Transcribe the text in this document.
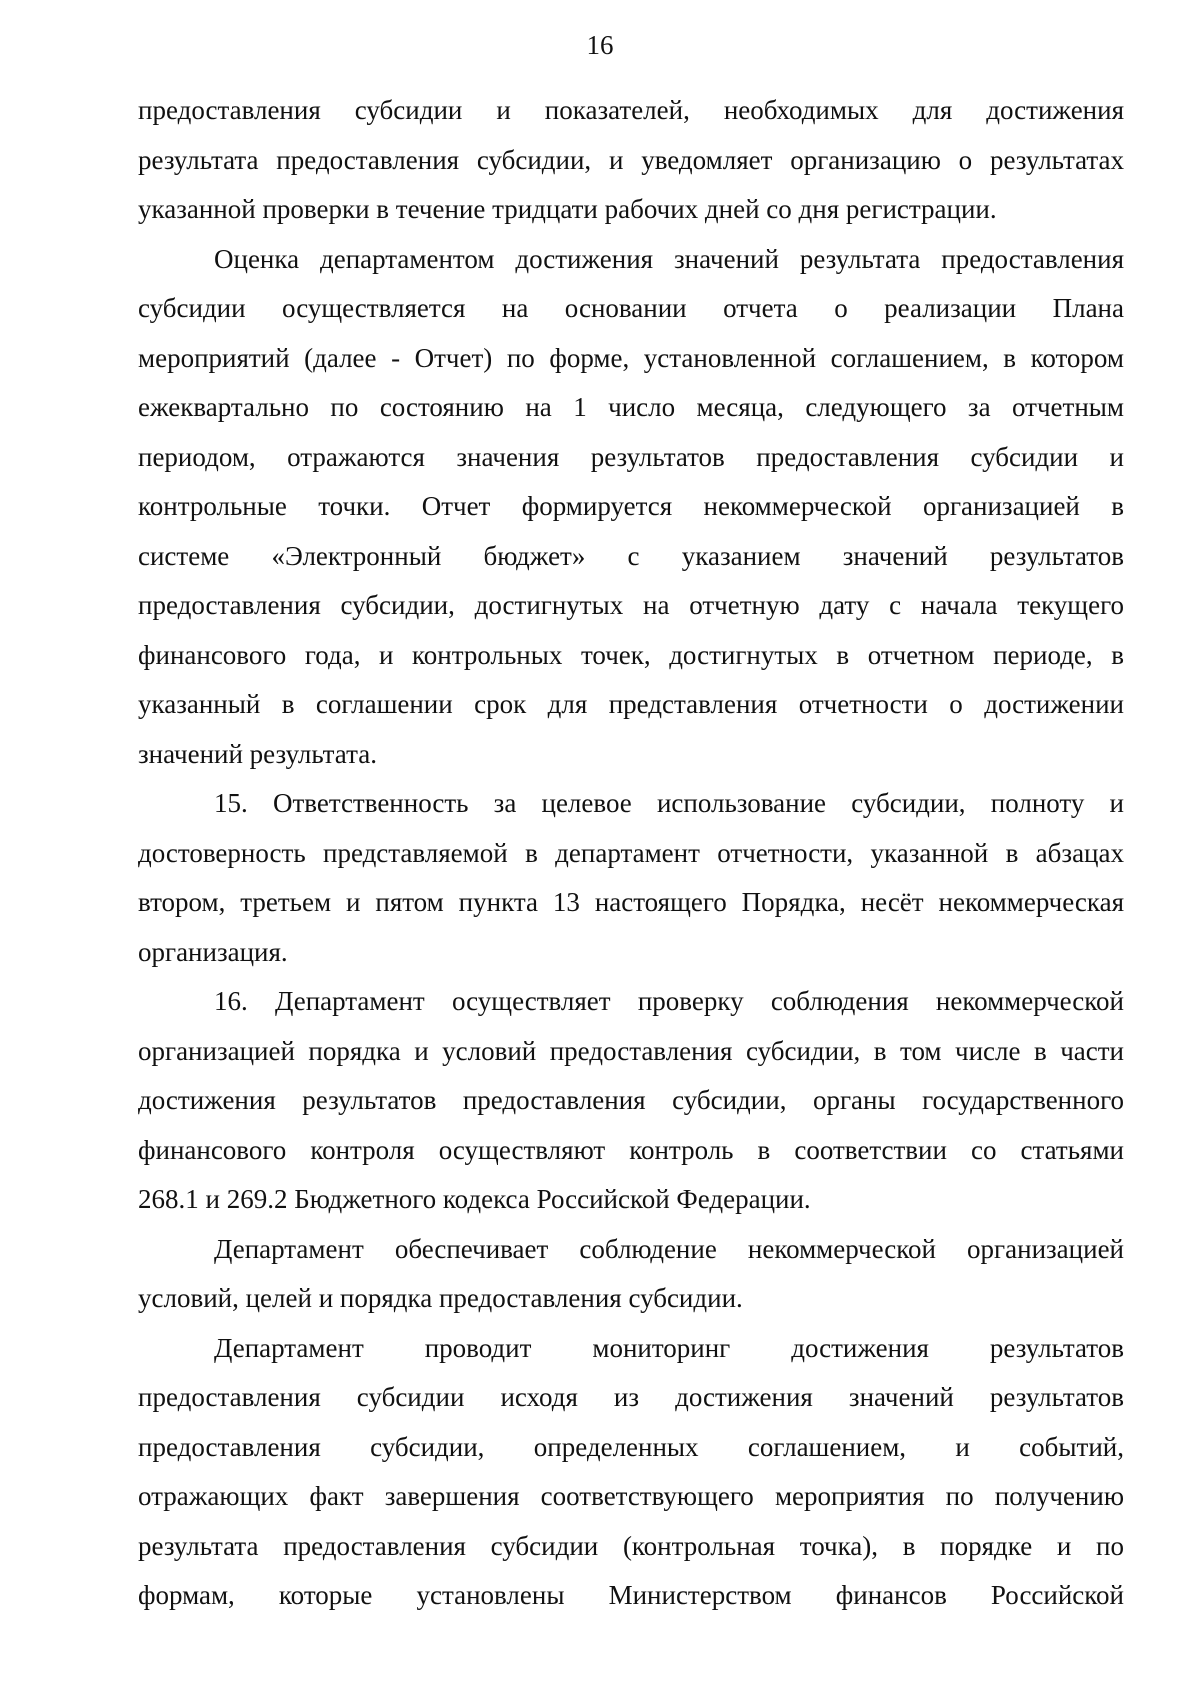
16
предоставления субсидии и показателей, необходимых для достижения
результата предоставления субсидии, и уведомляет организацию о результатах
указанной проверки в течение тридцати рабочих дней со дня регистрации.
Оценка департаментом достижения значений результата предоставления
субсидии осуществляется на основании отчета о реализации Плана
мероприятий (далее - Отчет) по форме, установленной соглашением, в котором
ежеквартально по состоянию на 1 число месяца, следующего за отчетным
периодом, отражаются значения результатов предоставления субсидии и
контрольные точки. Отчет формируется некоммерческой организацией в
системе «Электронный бюджет» с указанием значений результатов
предоставления субсидии, достигнутых на отчетную дату с начала текущего
финансового года, и контрольных точек, достигнутых в отчетном периоде, в
указанный в соглашении срок для представления отчетности о достижении
значений результата.
15. Ответственность за целевое использование субсидии, полноту и
достоверность представляемой в департамент отчетности, указанной в абзацах
втором, третьем и пятом пункта 13 настоящего Порядка, несёт некоммерческая
организация.
16. Департамент осуществляет проверку соблюдения некоммерческой
организацией порядка и условий предоставления субсидии, в том числе в части
достижения результатов предоставления субсидии, органы государственного
финансового контроля осуществляют контроль в соответствии со статьями
268.1 и 269.2 Бюджетного кодекса Российской Федерации.
Департамент обеспечивает соблюдение некоммерческой организацией
условий, целей и порядка предоставления субсидии.
Департамент проводит мониторинг достижения результатов
предоставления субсидии исходя из достижения значений результатов
предоставления субсидии, определенных соглашением, и событий,
отражающих факт завершения соответствующего мероприятия по получению
результата предоставления субсидии (контрольная точка), в порядке и по
формам, которые установлены Министерством финансов Российской
